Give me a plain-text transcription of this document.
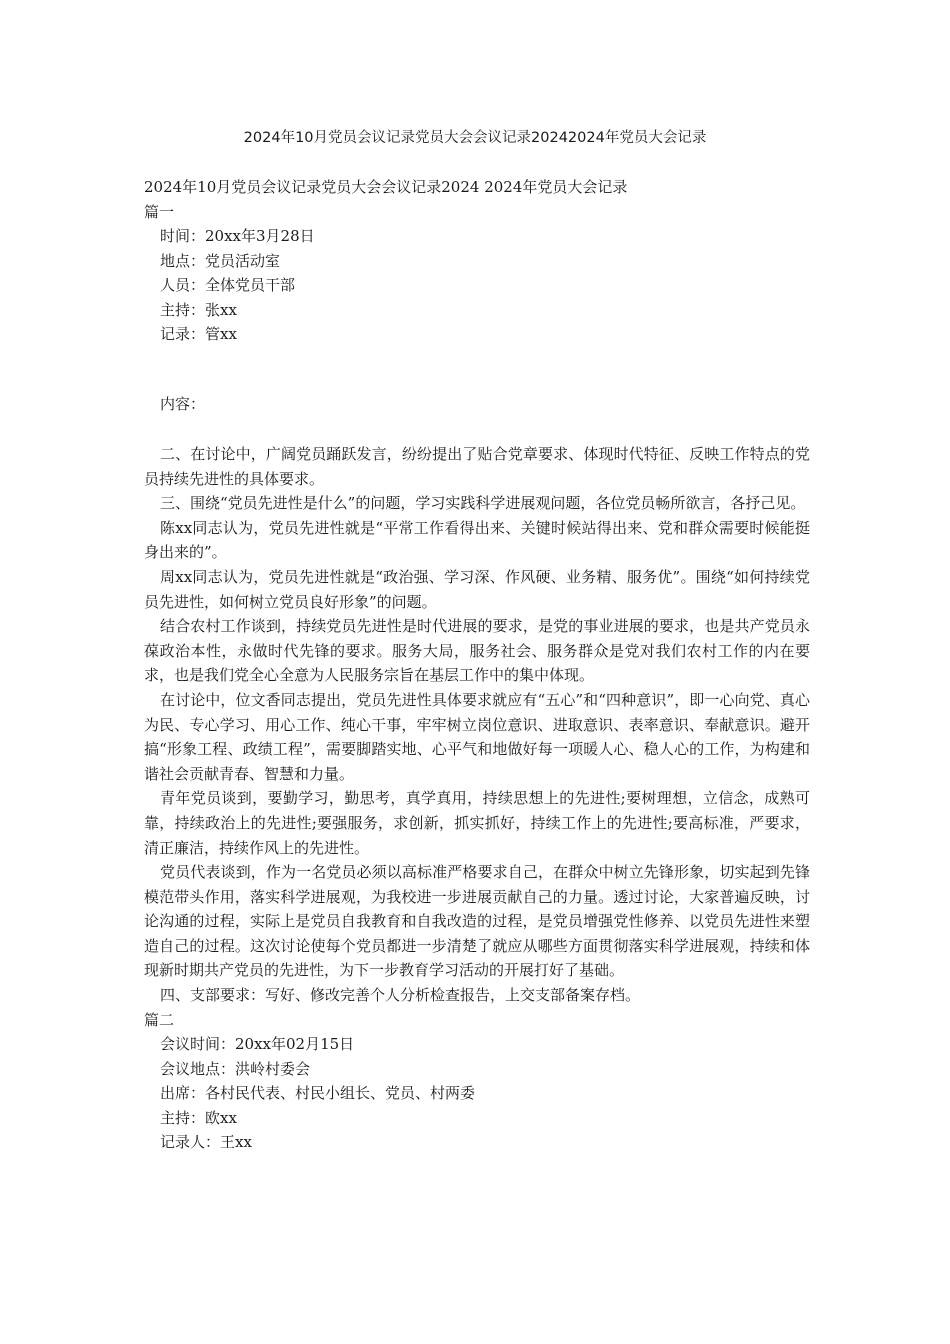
2024年10月党员会议记录党员大会会议记录20242024年党员大会记录

2024年10月党员会议记录党员大会会议记录2024 2024年党员大会记录

篇一

时间：20xx年3月28日

地点：党员活动室

人员：全体党员干部

主持：张xx

记录：管xx

内容：

二、在讨论中，广阔党员踊跃发言，纷纷提出了贴合党章要求、体现时代特征、反映工作特点的党员持续先进性的具体要求。

三、围绕“党员先进性是什么”的问题，学习实践科学进展观问题，各位党员畅所欲言，各抒己见。

陈xx同志认为，党员先进性就是“平常工作看得出来、关键时候站得出来、党和群众需要时候能挺身出来的”。

周xx同志认为，党员先进性就是“政治强、学习深、作风硬、业务精、服务优”。围绕“如何持续党员先进性，如何树立党员良好形象”的问题。

结合农村工作谈到，持续党员先进性是时代进展的要求，是党的事业进展的要求，也是共产党员永葆政治本性，永做时代先锋的要求。服务大局，服务社会、服务群众是党对我们农村工作的内在要求，也是我们党全心全意为人民服务宗旨在基层工作中的集中体现。

在讨论中，位文香同志提出，党员先进性具体要求就应有“五心”和“四种意识”，即一心向党、真心为民、专心学习、用心工作、纯心干事，牢牢树立岗位意识、进取意识、表率意识、奉献意识。避开搞“形象工程、政绩工程”，需要脚踏实地、心平气和地做好每一项暖人心、稳人心的工作，为构建和谐社会贡献青春、智慧和力量。

青年党员谈到，要勤学习，勤思考，真学真用，持续思想上的先进性;要树理想，立信念，成熟可靠，持续政治上的先进性;要强服务，求创新，抓实抓好，持续工作上的先进性;要高标准，严要求，清正廉洁，持续作风上的先进性。

党员代表谈到，作为一名党员必须以高标准严格要求自己，在群众中树立先锋形象，切实起到先锋模范带头作用，落实科学进展观，为我校进一步进展贡献自己的力量。透过讨论，大家普遍反映，讨论沟通的过程，实际上是党员自我教育和自我改造的过程，是党员增强党性修养、以党员先进性来塑造自己的过程。这次讨论使每个党员都进一步清楚了就应从哪些方面贯彻落实科学进展观，持续和体现新时期共产党员的先进性，为下一步教育学习活动的开展打好了基础。

四、支部要求：写好、修改完善个人分析检查报告，上交支部备案存档。

篇二

会议时间：20xx年02月15日

会议地点：洪岭村委会

出席：各村民代表、村民小组长、党员、村两委

主持：欧xx

记录人：王xx
